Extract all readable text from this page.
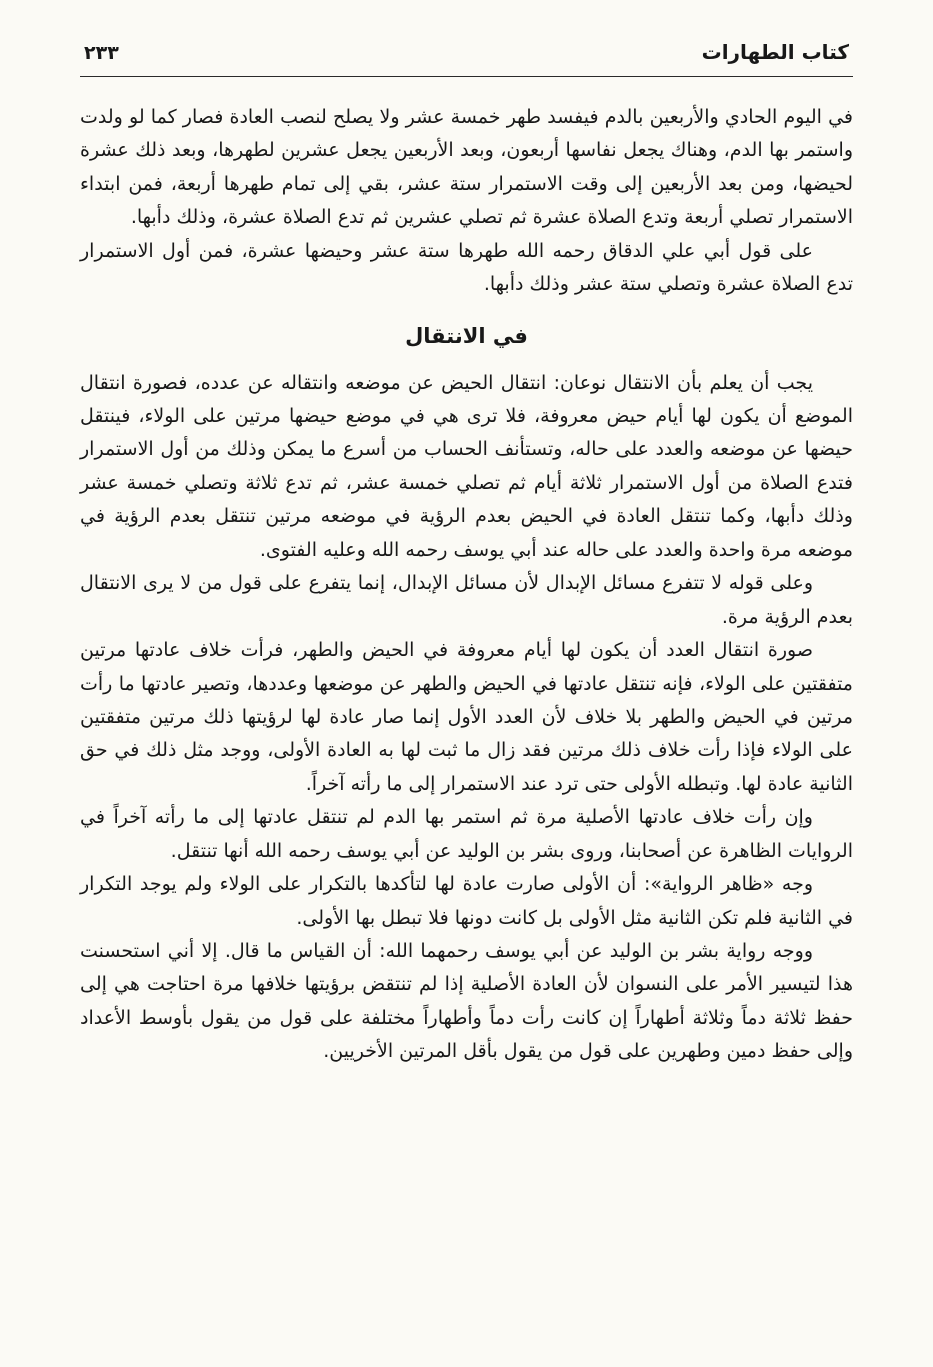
كتاب الطهارات
٢٣٣

في اليوم الحادي والأربعين بالدم فيفسد طهر خمسة عشر ولا يصلح لنصب العادة فصار كما لو ولدت واستمر بها الدم، وهناك يجعل نفاسها أربعون، وبعد الأربعين يجعل عشرين لطهرها، وبعد ذلك عشرة لحيضها، ومن بعد الأربعين إلى وقت الاستمرار ستة عشر، بقي إلى تمام طهرها أربعة، فمن ابتداء الاستمرار تصلي أربعة وتدع الصلاة عشرة ثم تصلي عشرين ثم تدع الصلاة عشرة، وذلك دأبها.

على قول أبي علي الدقاق رحمه الله طهرها ستة عشر وحيضها عشرة، فمن أول الاستمرار تدع الصلاة عشرة وتصلي ستة عشر وذلك دأبها.

في الانتقال

يجب أن يعلم بأن الانتقال نوعان: انتقال الحيض عن موضعه وانتقاله عن عدده، فصورة انتقال الموضع أن يكون لها أيام حيض معروفة، فلا ترى هي في موضع حيضها مرتين على الولاء، فينتقل حيضها عن موضعه والعدد على حاله، وتستأنف الحساب من أسرع ما يمكن وذلك من أول الاستمرار فتدع الصلاة من أول الاستمرار ثلاثة أيام ثم تصلي خمسة عشر، ثم تدع ثلاثة وتصلي خمسة عشر وذلك دأبها، وكما تنتقل العادة في الحيض بعدم الرؤية في موضعه مرتين تنتقل بعدم الرؤية في موضعه مرة واحدة والعدد على حاله عند أبي يوسف رحمه الله وعليه الفتوى.

وعلى قوله لا تتفرع مسائل الإبدال لأن مسائل الإبدال، إنما يتفرع على قول من لا يرى الانتقال بعدم الرؤية مرة.

صورة انتقال العدد أن يكون لها أيام معروفة في الحيض والطهر، فرأت خلاف عادتها مرتين متفقتين على الولاء، فإنه تنتقل عادتها في الحيض والطهر عن موضعها وعددها، وتصير عادتها ما رأت مرتين في الحيض والطهر بلا خلاف لأن العدد الأول إنما صار عادة لها لرؤيتها ذلك مرتين متفقتين على الولاء فإذا رأت خلاف ذلك مرتين فقد زال ما ثبت لها به العادة الأولى، ووجد مثل ذلك في حق الثانية عادة لها. وتبطله الأولى حتى ترد عند الاستمرار إلى ما رأته آخراً.

وإن رأت خلاف عادتها الأصلية مرة ثم استمر بها الدم لم تنتقل عادتها إلى ما رأته آخراً في الروايات الظاهرة عن أصحابنا، وروى بشر بن الوليد عن أبي يوسف رحمه الله أنها تنتقل.

وجه «ظاهر الرواية»: أن الأولى صارت عادة لها لتأكدها بالتكرار على الولاء ولم يوجد التكرار في الثانية فلم تكن الثانية مثل الأولى بل كانت دونها فلا تبطل بها الأولى.

ووجه رواية بشر بن الوليد عن أبي يوسف رحمهما الله: أن القياس ما قال. إلا أني استحسنت هذا لتيسير الأمر على النسوان لأن العادة الأصلية إذا لم تنتقض برؤيتها خلافها مرة احتاجت هي إلى حفظ ثلاثة دماً وثلاثة أطهاراً إن كانت رأت دماً وأطهاراً مختلفة على قول من يقول بأوسط الأعداد وإلى حفظ دمين وطهرين على قول من يقول بأقل المرتين الأخريين.
